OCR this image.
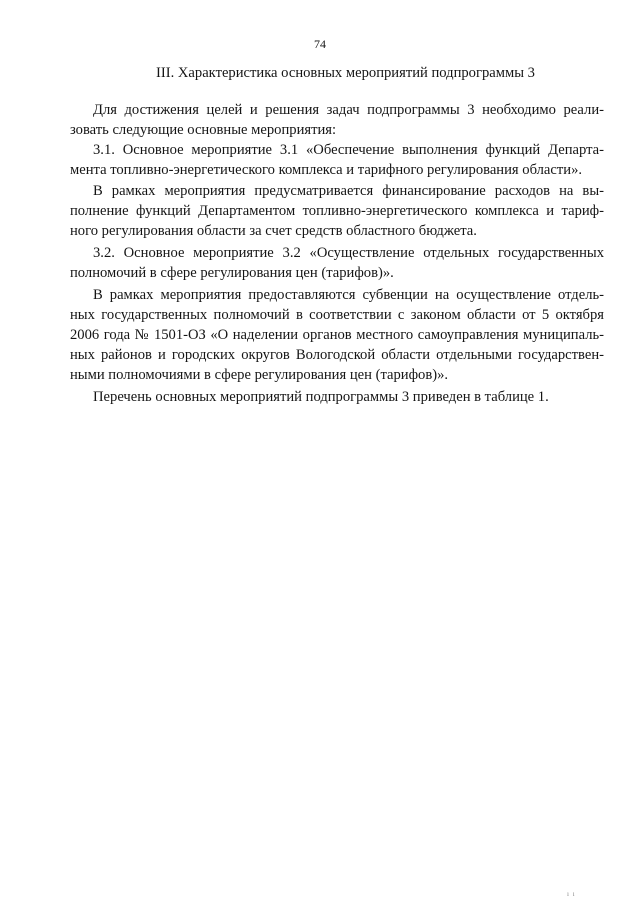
74
III. Характеристика основных мероприятий подпрограммы 3
Для достижения целей и решения задач подпрограммы 3 необходимо реали-
зовать следующие основные мероприятия:
3.1. Основное мероприятие 3.1 «Обеспечение выполнения функций Департа-
мента топливно-энергетического комплекса и тарифного регулирования области».
В рамках мероприятия предусматривается финансирование расходов на вы-
полнение функций Департаментом топливно-энергетического комплекса и тариф-
ного регулирования области за счет средств областного бюджета.
3.2. Основное мероприятие 3.2 «Осуществление отдельных государственных
полномочий в сфере регулирования цен (тарифов)».
В рамках мероприятия предоставляются субвенции на осуществление отдель-
ных государственных полномочий в соответствии с законом области от 5 октября
2006 года № 1501-ОЗ «О наделении органов местного самоуправления муниципаль-
ных районов и городских округов Вологодской области отдельными государствен-
ными полномочиями в сфере регулирования цен (тарифов)».
Перечень основных мероприятий подпрограммы 3 приведен в таблице 1.
ı ı
